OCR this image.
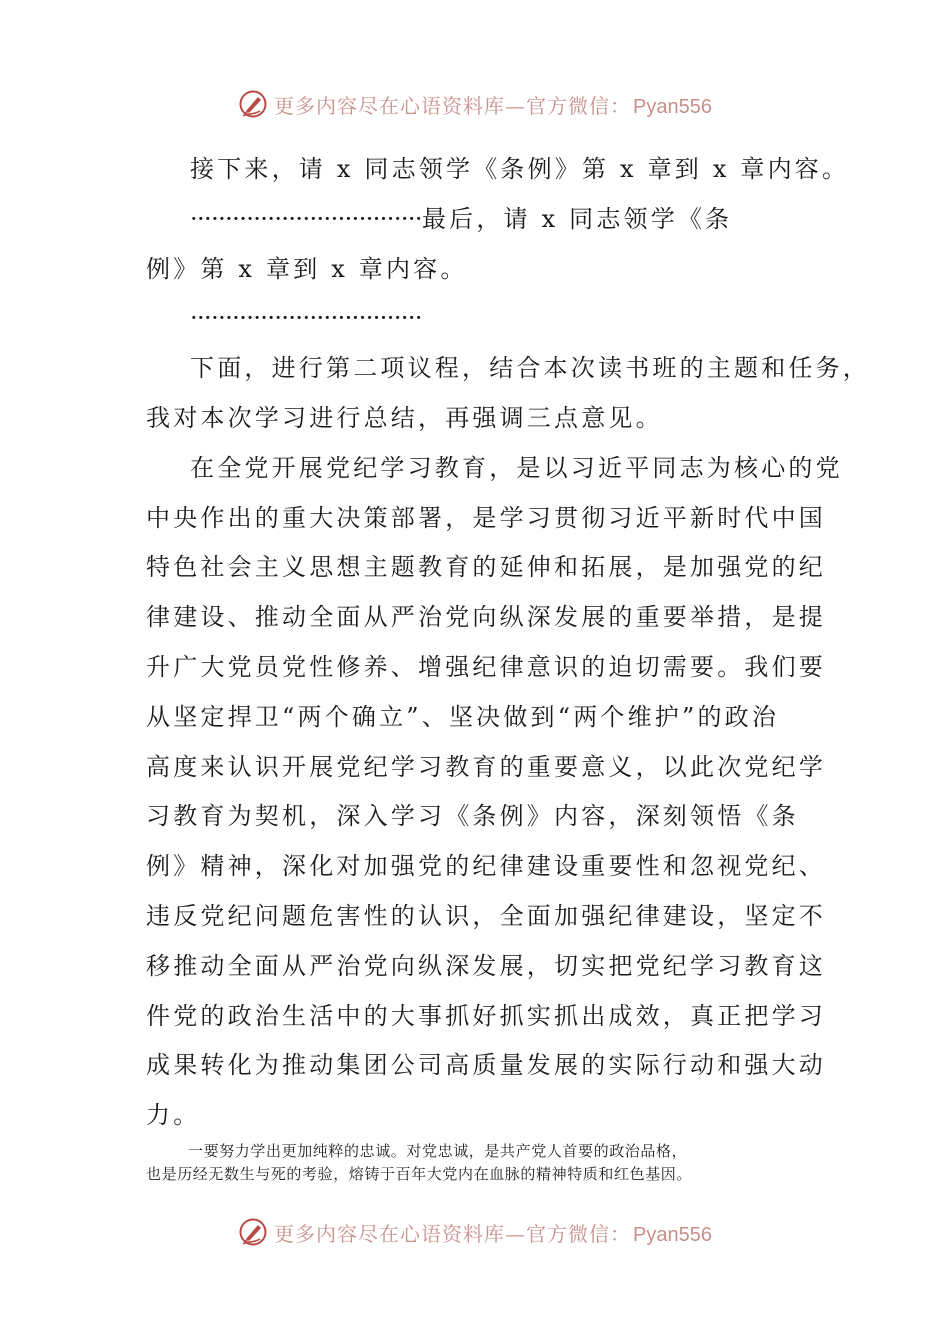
更多内容尽在心语资料库—官方微信： Pyan556
接下来，请 x 同志领学《条例》第 x 章到 x 章内容。
·································最后，请 x 同志领学《条
例》第 x 章到 x 章内容。
·································
下面，进行第二项议程，结合本次读书班的主题和任务，
我对本次学习进行总结，再强调三点意见。
在全党开展党纪学习教育，是以习近平同志为核心的党
中央作出的重大决策部署，是学习贯彻习近平新时代中国
特色社会主义思想主题教育的延伸和拓展，是加强党的纪
律建设、推动全面从严治党向纵深发展的重要举措，是提
升广大党员党性修养、增强纪律意识的迫切需要。我们要
从坚定捍卫“两个确立”、坚决做到“两个维护”的政治
高度来认识开展党纪学习教育的重要意义，以此次党纪学
习教育为契机，深入学习《条例》内容，深刻领悟《条
例》精神，深化对加强党的纪律建设重要性和忽视党纪、
违反党纪问题危害性的认识，全面加强纪律建设，坚定不
移推动全面从严治党向纵深发展，切实把党纪学习教育这
件党的政治生活中的大事抓好抓实抓出成效，真正把学习
成果转化为推动集团公司高质量发展的实际行动和强大动
力。
一要努力学出更加纯粹的忠诚。对党忠诚，是共产党人首要的政治品格，
也是历经无数生与死的考验，熔铸于百年大党内在血脉的精神特质和红色基因。
更多内容尽在心语资料库—官方微信： Pyan556
